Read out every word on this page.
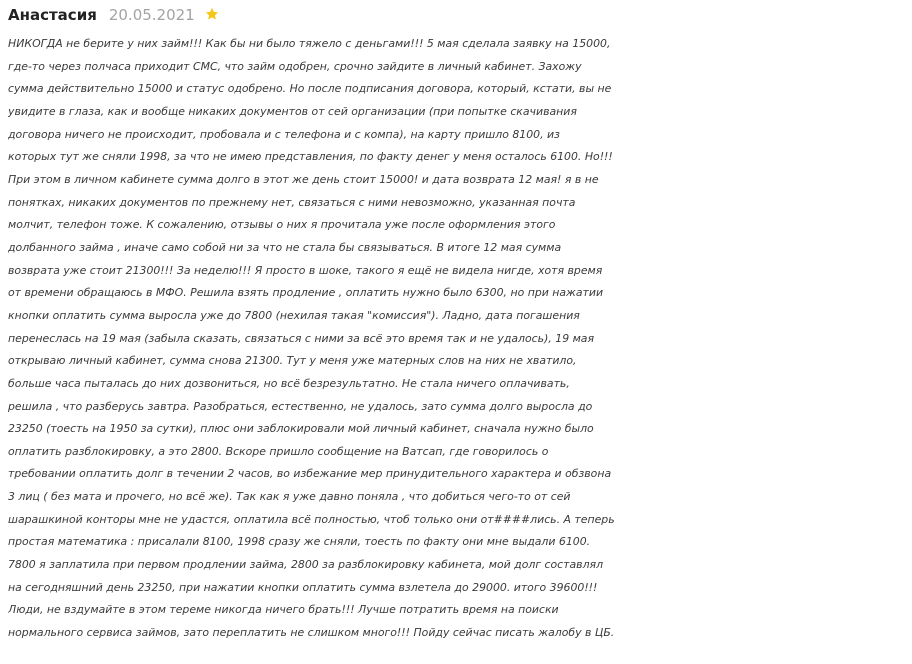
Анастасия 20.05.2021
НИКОГДА не берите у них займ!!! Как бы ни было тяжело с деньгами!!! 5 мая сделала заявку на 15000,
где-то через полчаса приходит СМС, что займ одобрен, срочно зайдите в личный кабинет. Захожу
сумма действительно 15000 и статус одобрено. Но после подписания договора, который, кстати, вы не
увидите в глаза, как и вообще никаких документов от сей организации (при попытке скачивания
договора ничего не происходит, пробовала и с телефона и с компа), на карту пришло 8100, из
которых тут же сняли 1998, за что не имею представления, по факту денег у меня осталось 6100. Но!!!
При этом в личном кабинете сумма долго в этот же день стоит 15000! и дата возврата 12 мая! я в не
понятках, никаких документов по прежнему нет, связаться с ними невозможно, указанная почта
молчит, телефон тоже. К сожалению, отзывы о них я прочитала уже после оформления этого
долбанного займа , иначе само собой ни за что не стала бы связываться. В итоге 12 мая сумма
возврата уже стоит 21300!!! За неделю!!! Я просто в шоке, такого я ещё не видела нигде, хотя время
от времени обращаюсь в МФО. Решила взять продление , оплатить нужно было 6300, но при нажатии
кнопки оплатить сумма выросла уже до 7800 (нехилая такая "комиссия"). Ладно, дата погашения
перенеслась на 19 мая (забыла сказать, связаться с ними за всё это время так и не удалось), 19 мая
открываю личный кабинет, сумма снова 21300. Тут у меня уже матерных слов на них не хватило,
больше часа пыталась до них дозвониться, но всё безрезультатно. Не стала ничего оплачивать,
решила , что разберусь завтра. Разобраться, естественно, не удалось, зато сумма долго выросла до
23250 (тоесть на 1950 за сутки), плюс они заблокировали мой личный кабинет, сначала нужно было
оплатить разблокировку, а это 2800. Вскоре пришло сообщение на Ватсап, где говорилось о
требовании оплатить долг в течении 2 часов, во избежание мер принудительного характера и обзвона
3 лиц ( без мата и прочего, но всё же). Так как я уже давно поняла , что добиться чего-то от сей
шарашкиной конторы мне не удастся, оплатила всё полностью, чтоб только они от####лись. А теперь
простая математика : присалали 8100, 1998 сразу же сняли, тоесть по факту они мне выдали 6100.
7800 я заплатила при первом продлении займа, 2800 за разблокировку кабинета, мой долг составлял
на сегодняшний день 23250, при нажатии кнопки оплатить сумма взлетела до 29000. итого 39600!!!
Люди, не вздумайте в этом тереме никогда ничего брать!!! Лучше потратить время на поиски
нормального сервиса займов, зато переплатить не слишком много!!! Пойду сейчас писать жалобу в ЦБ.
